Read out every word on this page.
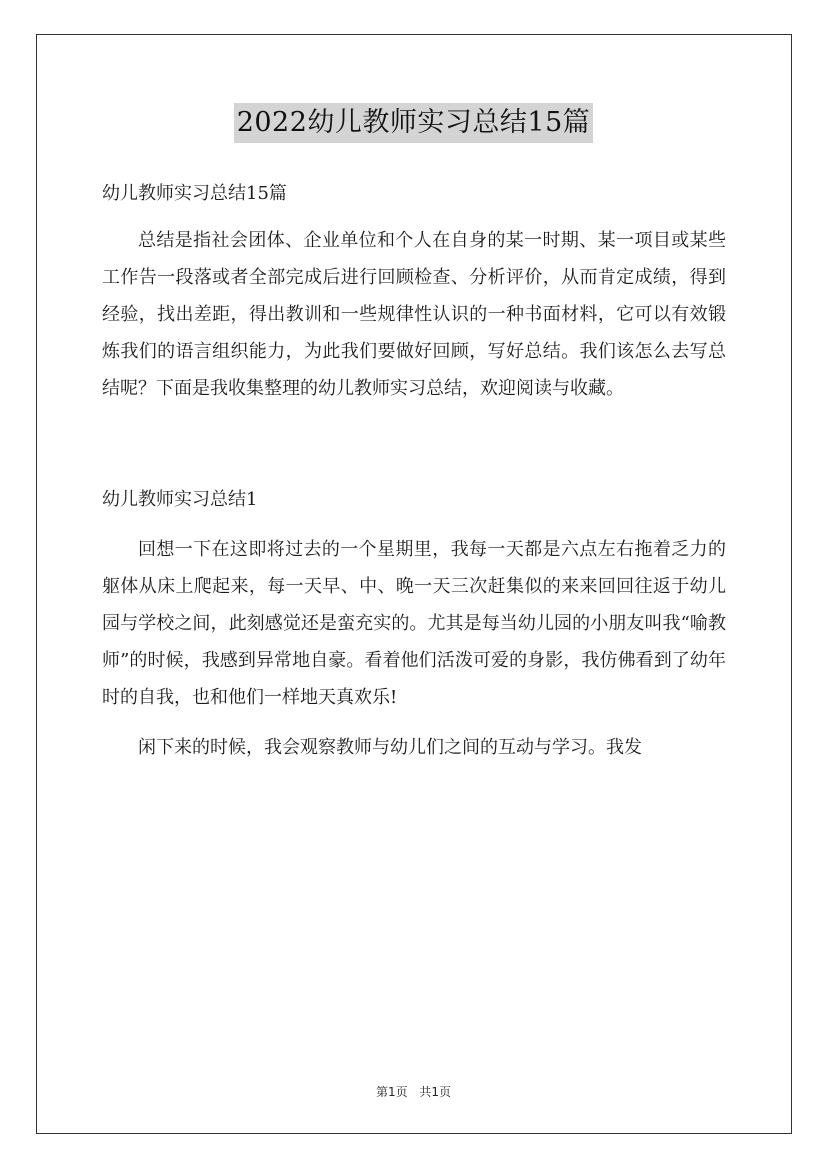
2022幼儿教师实习总结15篇

幼儿教师实习总结15篇

总结是指社会团体、企业单位和个人在自身的某一时期、某一项目或某些工作告一段落或者全部完成后进行回顾检查、分析评价，从而肯定成绩，得到经验，找出差距，得出教训和一些规律性认识的一种书面材料，它可以有效锻炼我们的语言组织能力，为此我们要做好回顾，写好总结。我们该怎么去写总结呢？下面是我收集整理的幼儿教师实习总结，欢迎阅读与收藏。

幼儿教师实习总结1

回想一下在这即将过去的一个星期里，我每一天都是六点左右拖着乏力的躯体从床上爬起来，每一天早、中、晚一天三次赶集似的来来回回往返于幼儿园与学校之间，此刻感觉还是蛮充实的。尤其是每当幼儿园的小朋友叫我“喻教师”的时候，我感到异常地自豪。看着他们活泼可爱的身影，我仿佛看到了幼年时的自我，也和他们一样地天真欢乐!

闲下来的时候，我会观察教师与幼儿们之间的互动与学习。我发

第1页 共1页
